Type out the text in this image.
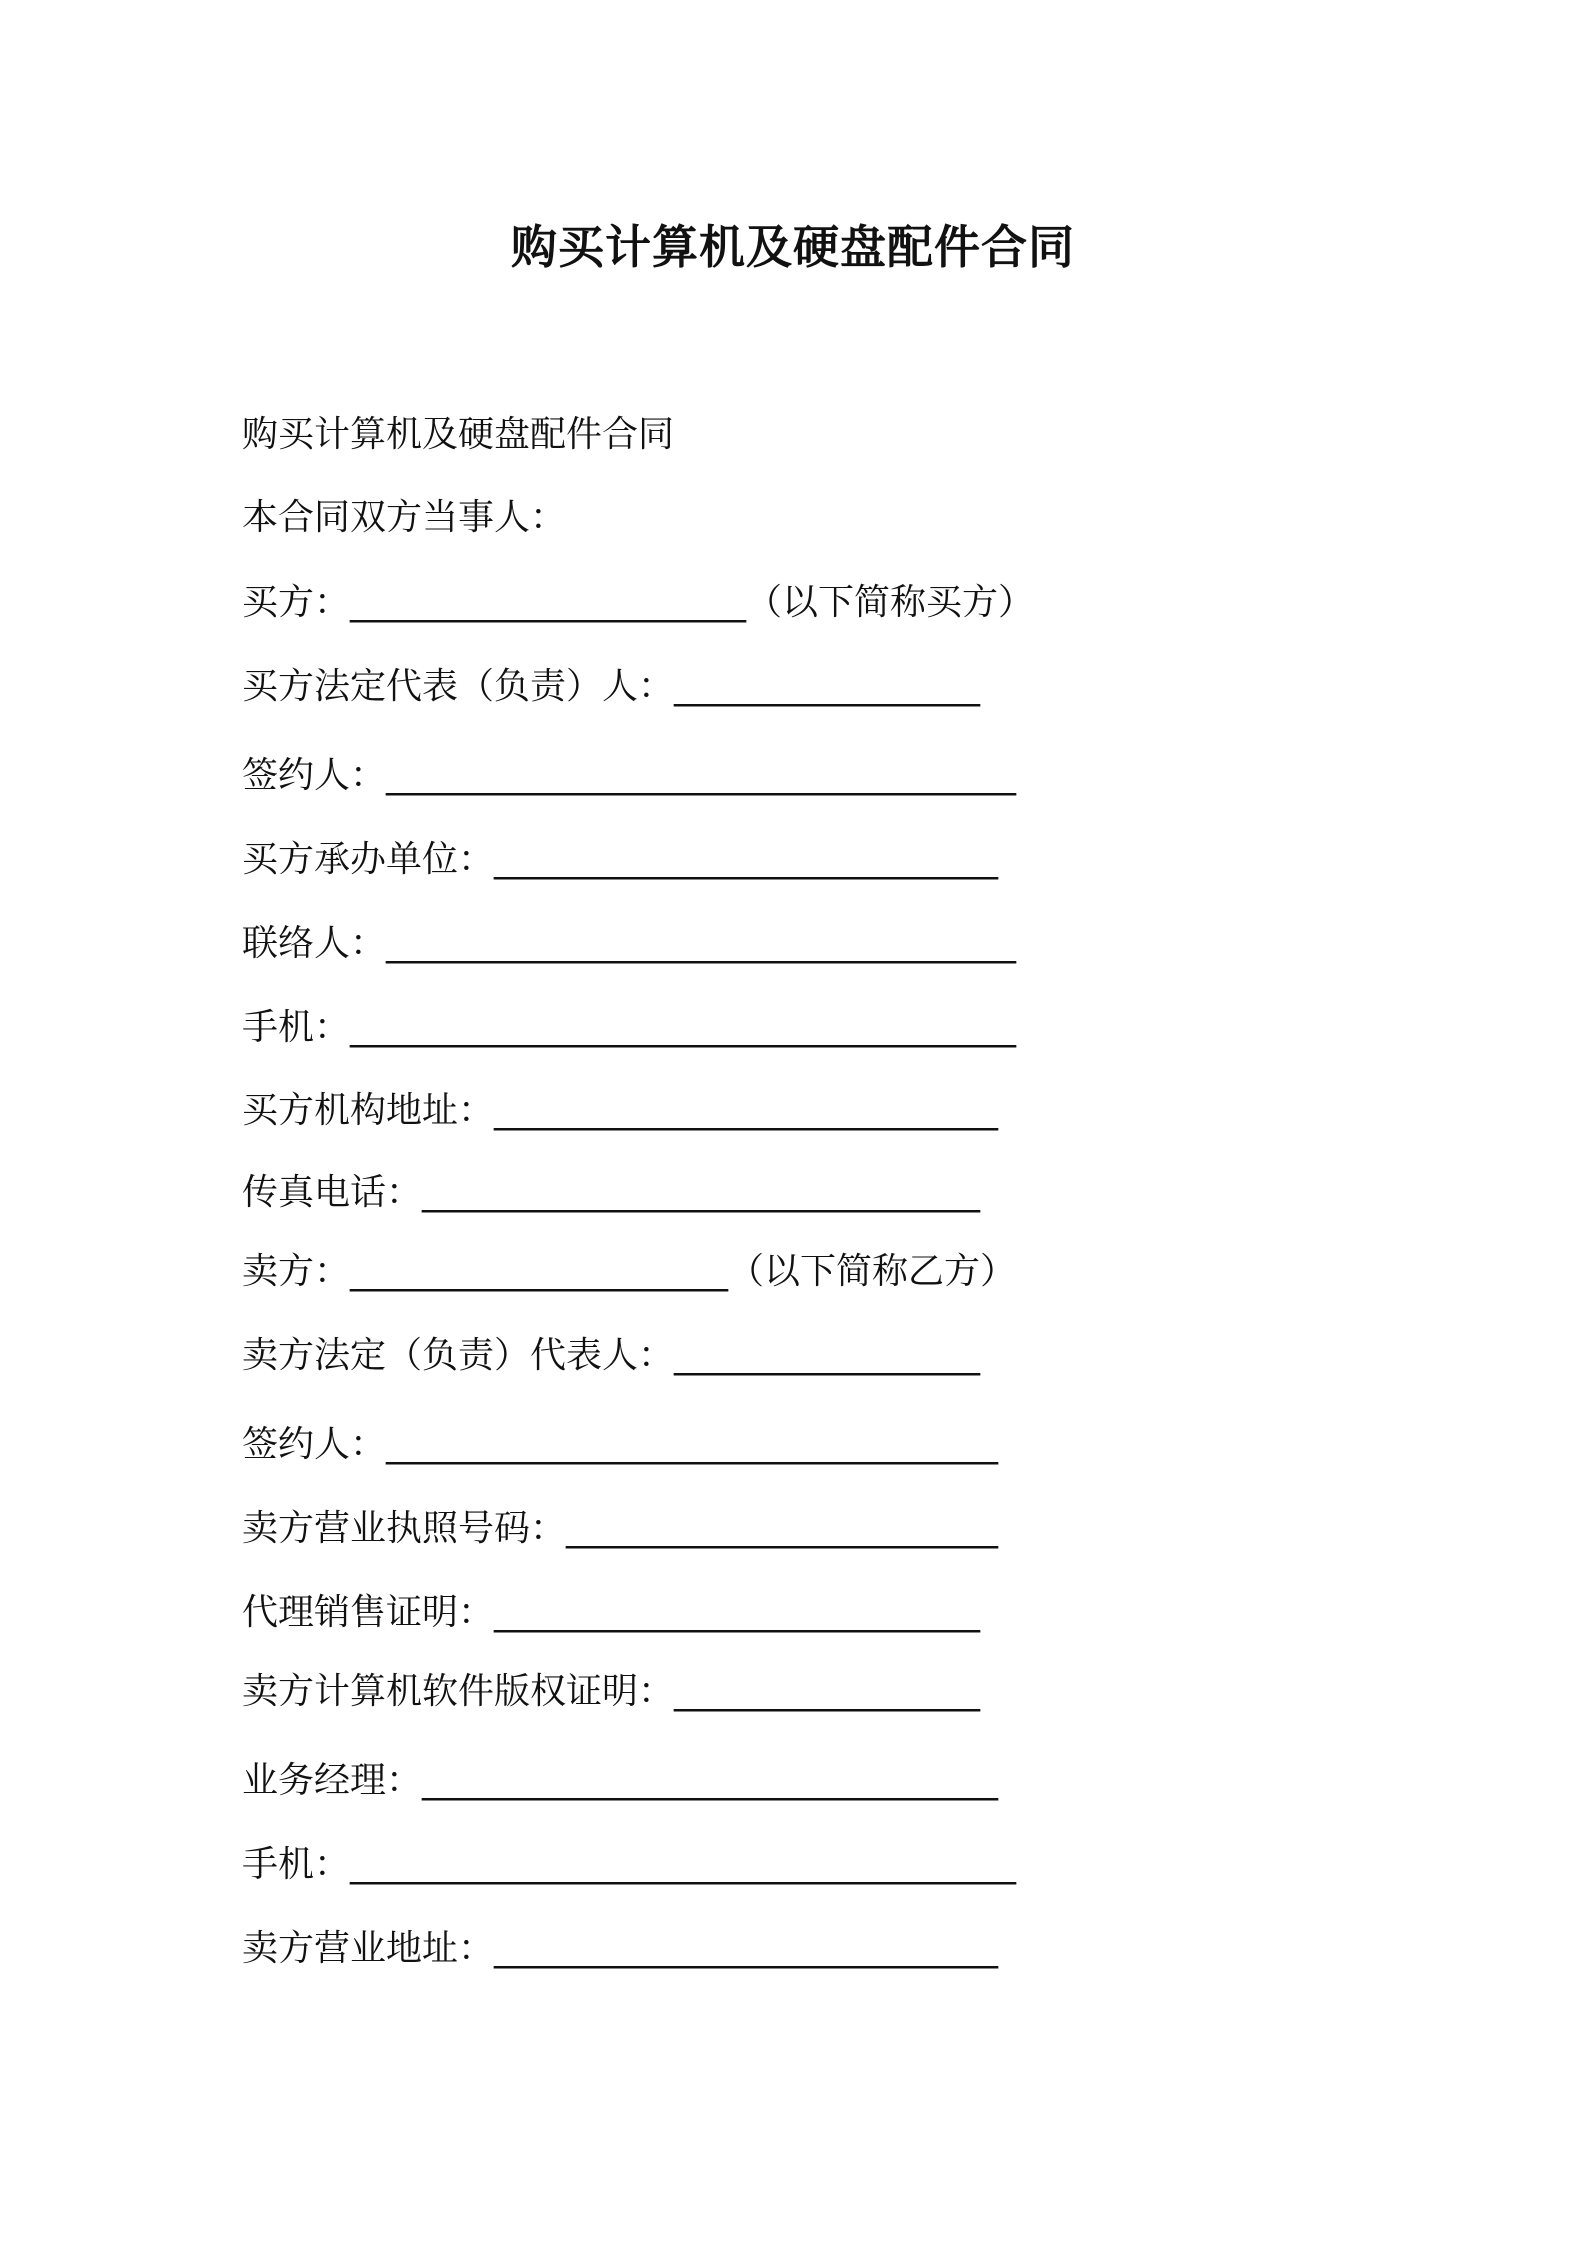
购买计算机及硬盘配件合同

购买计算机及硬盘配件合同

本合同双方当事人：

买方：______________________（以下简称买方）

买方法定代表（负责）人：_________________

签约人：___________________________________

买方承办单位：____________________________

联络人：___________________________________

手机：_____________________________________

买方机构地址：____________________________

传真电话：_______________________________

卖方：_____________________（以下简称乙方）

卖方法定（负责）代表人：_________________

签约人：__________________________________

卖方营业执照号码：________________________

代理销售证明：___________________________

卖方计算机软件版权证明：_________________

业务经理：________________________________

手机：_____________________________________

卖方营业地址：____________________________
